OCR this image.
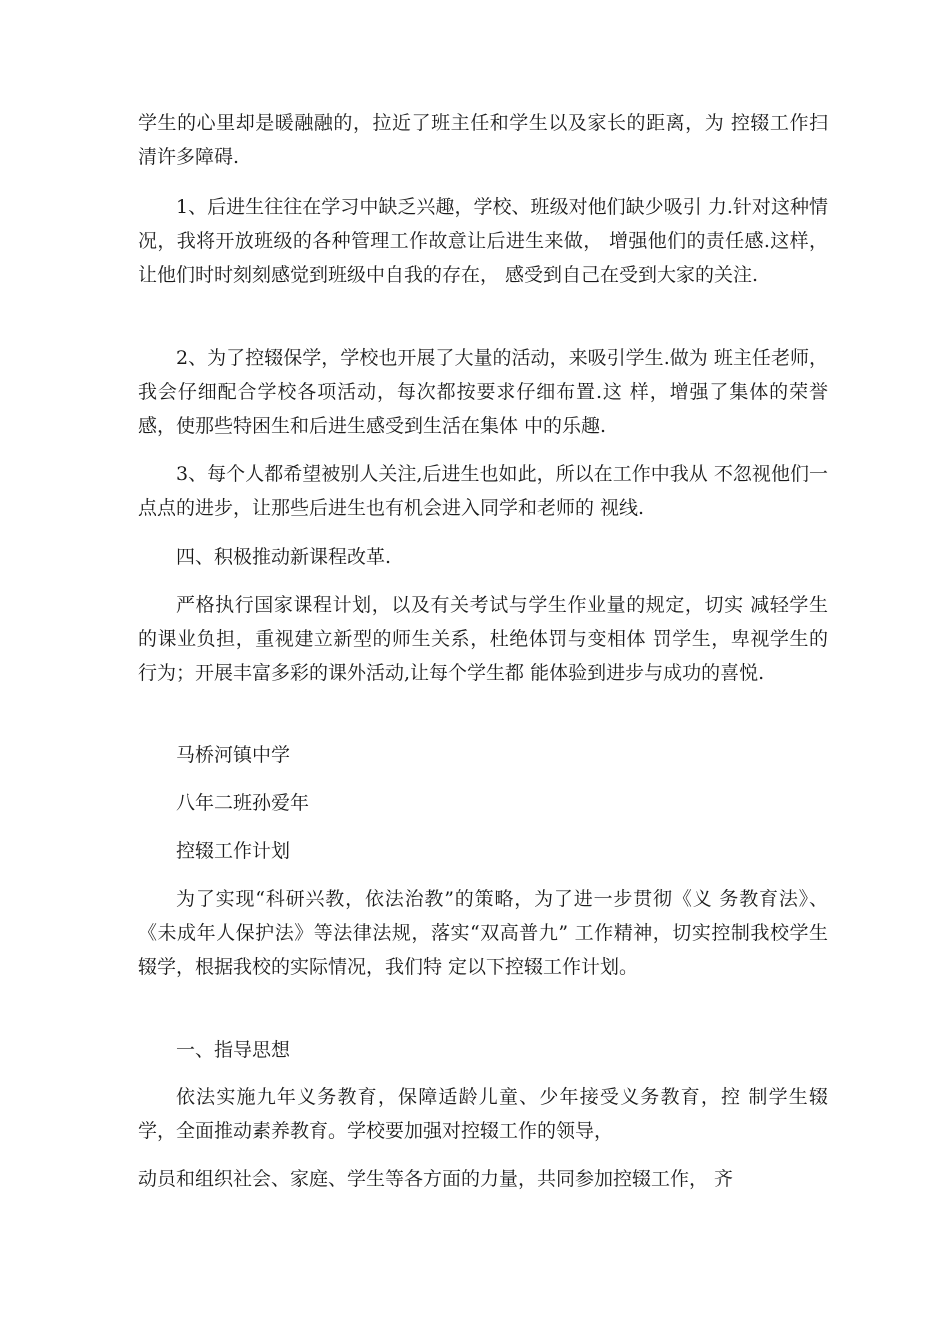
学生的心里却是暖融融的，拉近了班主任和学生以及家长的距离，为 控辍工作扫清许多障碍.

1、后进生往往在学习中缺乏兴趣，学校、班级对他们缺少吸引 力.针对这种情况，我将开放班级的各种管理工作故意让后进生来做， 增强他们的责任感.这样，让他们时时刻刻感觉到班级中自我的存在， 感受到自己在受到大家的关注.

2、为了控辍保学，学校也开展了大量的活动，来吸引学生.做为 班主任老师，我会仔细配合学校各项活动，每次都按要求仔细布置.这 样，增强了集体的荣誉感，使那些特困生和后进生感受到生活在集体 中的乐趣.

3、每个人都希望被别人关注,后进生也如此，所以在工作中我从 不忽视他们一点点的进步，让那些后进生也有机会进入同学和老师的 视线.

四、积极推动新课程改革.

严格执行国家课程计划，以及有关考试与学生作业量的规定，切实 减轻学生的课业负担，重视建立新型的师生关系，杜绝体罚与变相体 罚学生，卑视学生的行为；开展丰富多彩的课外活动,让每个学生都 能体验到进步与成功的喜悦.

马桥河镇中学

八年二班孙爱年

控辍工作计划

为了实现“科研兴教，依法治教”的策略，为了进一步贯彻《义 务教育法》、《未成年人保护法》等法律法规，落实“双高普九” 工作精神，切实控制我校学生辍学，根据我校的实际情况，我们特 定以下控辍工作计划。

一、指导思想

依法实施九年义务教育，保障适龄儿童、少年接受义务教育，控 制学生辍学，全面推动素养教育。学校要加强对控辍工作的领导，

动员和组织社会、家庭、学生等各方面的力量，共同参加控辍工作， 齐
